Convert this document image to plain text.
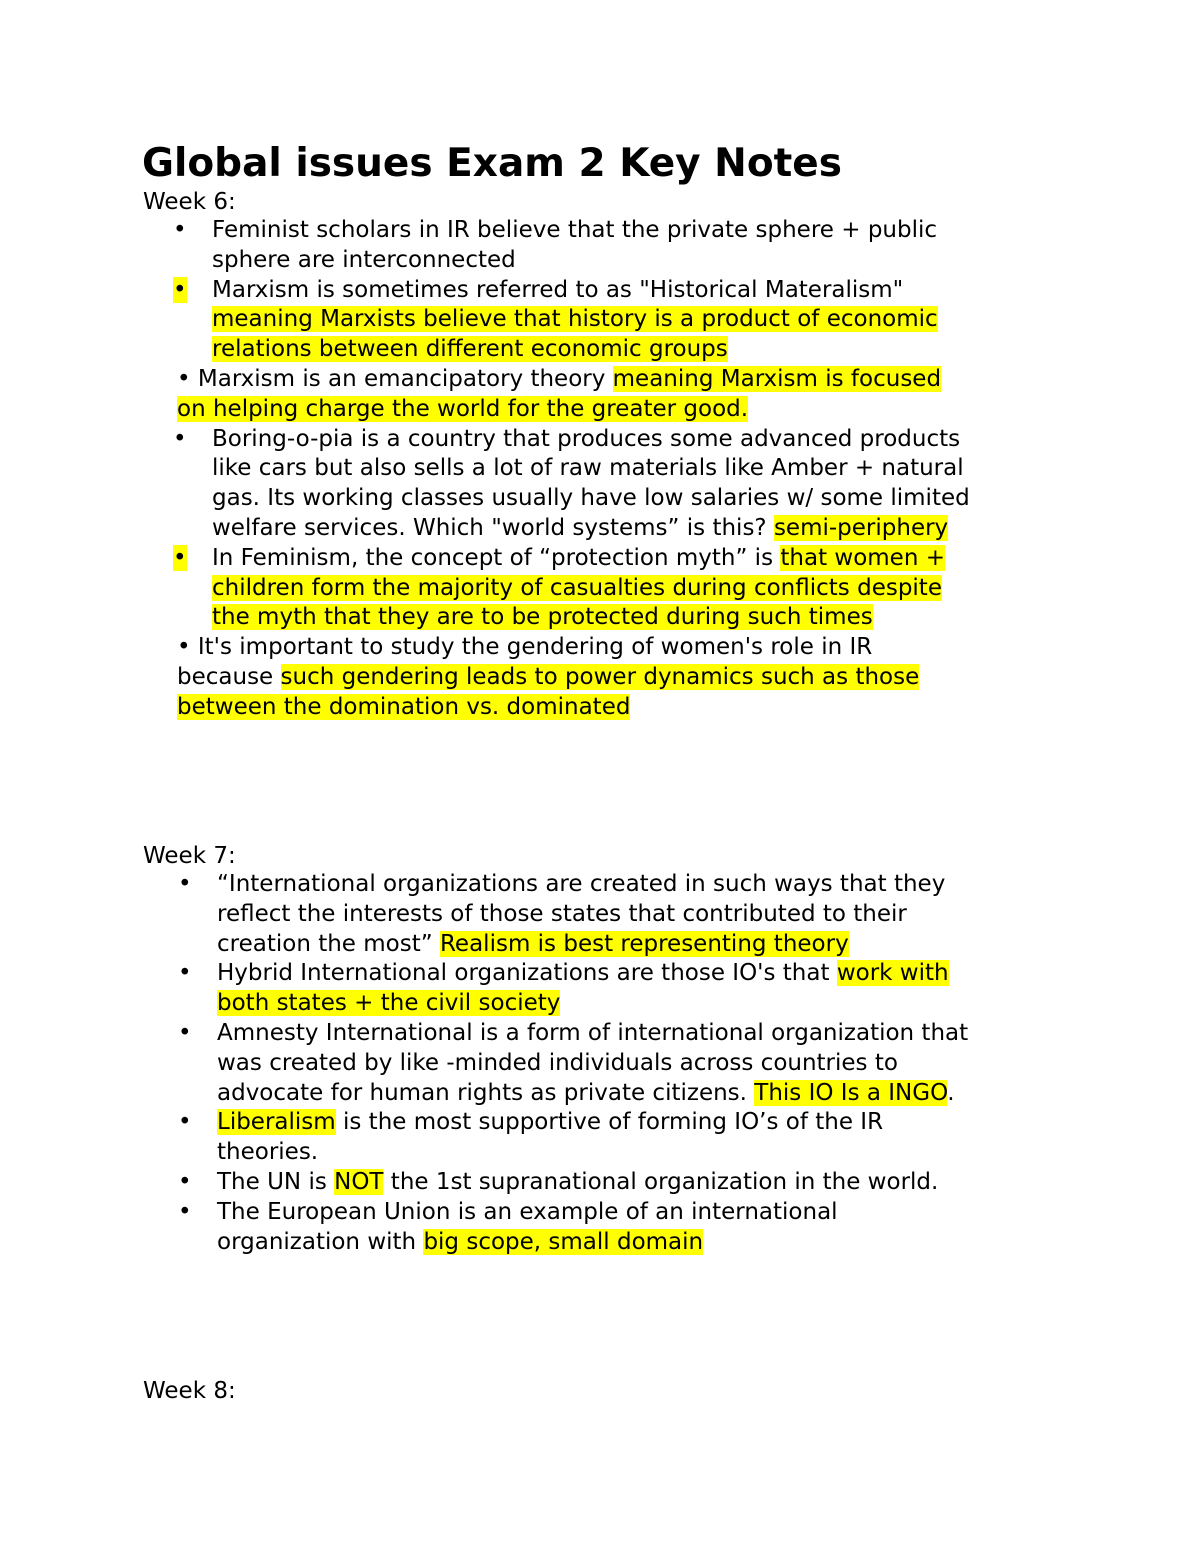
Global issues Exam 2 Key Notes
Week 6:
• Feminist scholars in IR believe that the private sphere + public
sphere are interconnected
• Marxism is sometimes referred to as "Historical Materalism"
meaning Marxists believe that history is a product of economic
relations between different economic groups
• Marxism is an emancipatory theory meaning Marxism is focused
on helping charge the world for the greater good.
• Boring-o-pia is a country that produces some advanced products
like cars but also sells a lot of raw materials like Amber + natural
gas. Its working classes usually have low salaries w/ some limited
welfare services. Which "world systems” is this? semi-periphery
• In Feminism, the concept of “protection myth” is that women +
children form the majority of casualties during conflicts despite
the myth that they are to be protected during such times
• It's important to study the gendering of women's role in IR
because such gendering leads to power dynamics such as those
between the domination vs. dominated
Week 7:
• “International organizations are created in such ways that they
reflect the interests of those states that contributed to their
creation the most” Realism is best representing theory
• Hybrid International organizations are those IO's that work with
both states + the civil society
• Amnesty International is a form of international organization that
was created by like -minded individuals across countries to
advocate for human rights as private citizens. This IO Is a INGO.
• Liberalism is the most supportive of forming IO’s of the IR
theories.
• The UN is NOT the 1st supranational organization in the world.
• The European Union is an example of an international
organization with big scope, small domain
Week 8:
